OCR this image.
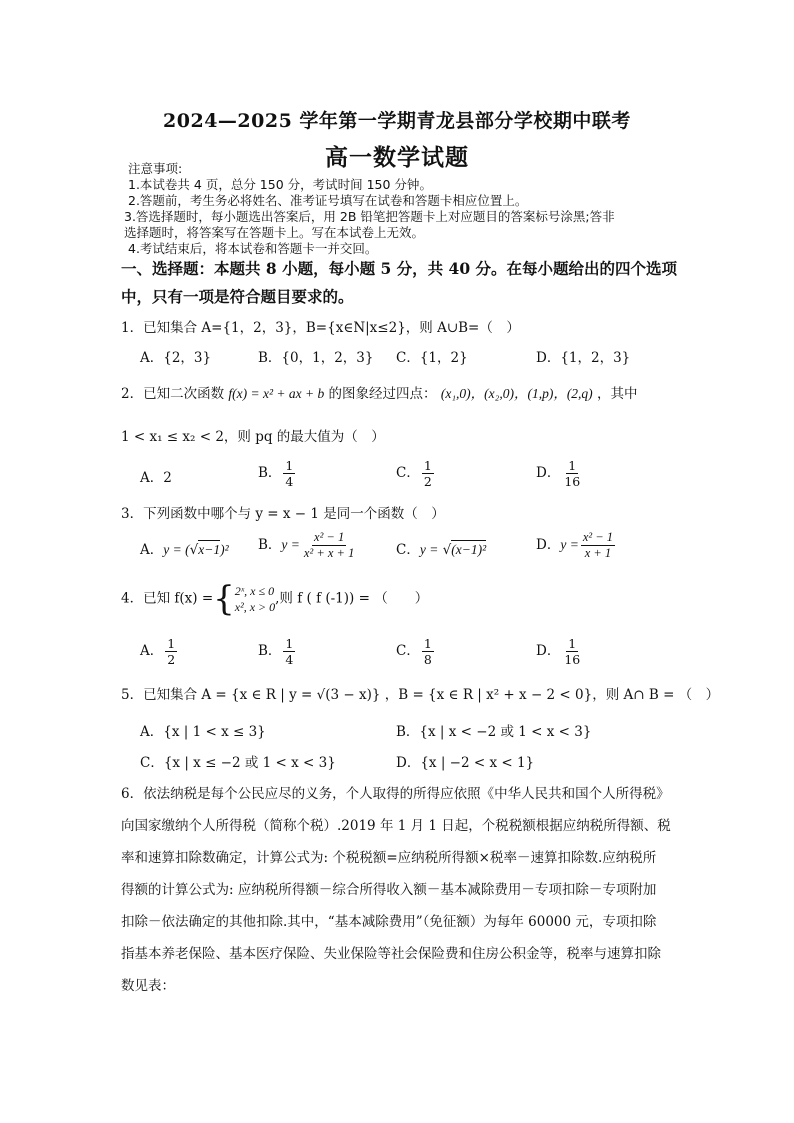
2024—2025 学年第一学期青龙县部分学校期中联考
高一数学试题
注意事项:
1.本试卷共 4 页，总分 150 分，考试时间 150 分钟。
2.答题前，考生务必将姓名、准考证号填写在试卷和答题卡相应位置上。
3.答选择题时，每小题选出答案后，用 2B 铅笔把答题卡上对应题目的答案标号涂黑;答非
选择题时，将答案写在答题卡上。写在本试卷上无效。
4.考试结束后，将本试卷和答题卡一并交回。
一、选择题：本题共 8 小题，每小题 5 分，共 40 分。在每小题给出的四个选项
中，只有一项是符合题目要求的。
1．已知集合 A={1，2，3}，B={x∈N|x≤2}，则 A∪B=（　）
A．{2，3}	B．{0，1，2，3} C．{1，2}	D．{1，2，3}
2．已知二次函数 f(x) = x² + ax + b 的图象经过四点： (x₁,0)，(x₂,0)，(1,p)，(2,q) ，其中
1 < x₁ ≤ x₂ < 2，则 pq 的最大值为（　）
A．2	B． $\frac{1}{4}$	C． $\frac{1}{2}$	D． $\frac{1}{16}$
3．下列函数中哪个与 y = x − 1 是同一个函数（　）
A．y = (√x−1)² B．$y = \frac{\text{x² − 1}}{\text{x² + x + 1}}$	C．y = √(x−1)²	D．$y = \frac{\text{x² − 1}}{x + 1}$
4．已知 f(x) ={ 2ˣ, x ≤ 0
x², x > 0
,则 f ( f (-1)) = （　　）
A． $\frac{1}{2}$	B． $\frac{1}{4}$	C． $\frac{1}{8}$	D． $\frac{1}{16}$
5．已知集合 A = {x ∈ R | y = √(3 − x)} ，B = {x ∈ R | x² + x − 2 < 0}，则 A∩ B = （　）
A．{x | 1 < x ≤ 3}	B．{x | x < −2 或 1 < x < 3}
C．{x | x ≤ −2 或 1 < x < 3}	D．{x | −2 < x < 1}
6．依法纳税是每个公民应尽的义务，个人取得的所得应依照《中华人民共和国个人所得税》
向国家缴纳个人所得税（简称个税）.2019 年 1 月 1 日起，个税税额根据应纳税所得额、税
率和速算扣除数确定，计算公式为: 个税税额=应纳税所得额×税率－速算扣除数.应纳税所
得额的计算公式为: 应纳税所得额－综合所得收入额－基本减除费用－专项扣除－专项附加
扣除－依法确定的其他扣除.其中，“基本减除费用”（免征额）为每年 60000 元，专项扣除
指基本养老保险、基本医疗保险、失业保险等社会保险费和住房公积金等，税率与速算扣除
数见表：
